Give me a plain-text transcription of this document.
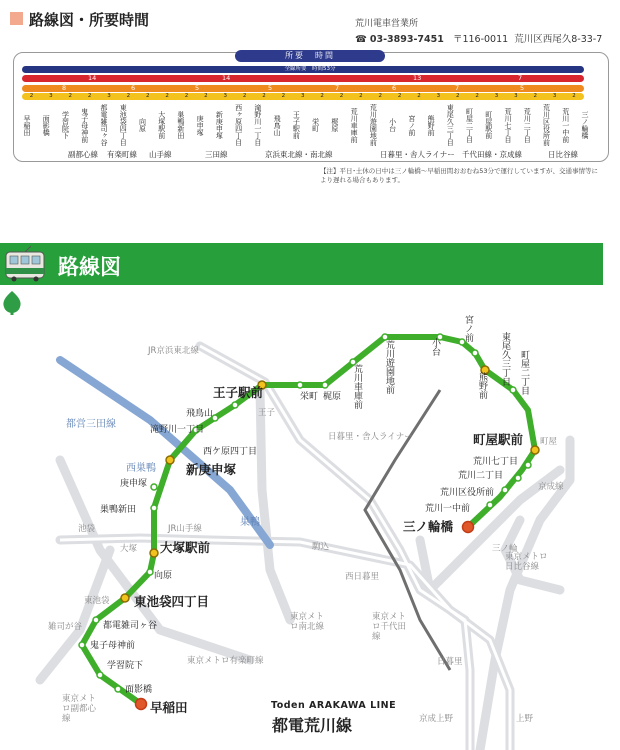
路線図・所要時間	荒川電車営業所
☎ 03-3893-7451 〒116-0011 荒川区西尾久8-33-7
所要　時間
全線所要　時間53分
14	14	13	7
8	6	5	5	7	6	7	5
2	3	2	2	3	2	2	2	2	2	3	2	2	2	3	2	2	2	2	2	2	3	2	2	3	3	2	3	2
早稲田	面影橋	学習院下	鬼子母神前	都電雑司ヶ谷	東池袋四丁目	向原	大塚駅前	巣鴨新田	庚申塚	新庚申塚	西ヶ原四丁目	滝野川一丁目	飛鳥山	王子駅前	栄町	梶原	荒川車庫前	荒川遊園地前	小台	宮ノ前	熊野前	東尾久三丁目	町屋二丁目	町屋駅前	荒川七丁目	荒川二丁目	荒川区役所前	荒川一中前	三ノ輪橋
副都心線 有楽町線 山手線	三田線	京浜東北線・ 南北線	日暮里・舎人ライナー 千代田線・京成線	日比谷線
【注】平日･土休の日中は三ノ輪橋〜早稲田間おおむね53分で運行していますが、交通事情等により遅れる場合もあります。
路線図
JR京浜東北線
都営三田線
JR山手線
日暮里・舎人ライナー
京成線
東京メトロ日比谷線
東京メトロ南北線
東京メトロ千代田線
東京メトロ有楽町線
東京メトロ副都心線
王子
西巣鴨
巣鴨
池袋
大塚	駒込
西日暮里
東池袋
雑司が谷
日暮里
町屋
三ノ輪
京成上野	上野
早稲田
面影橋
学習院下
鬼子母神前
都電雑司ヶ谷
東池袋四丁目
向原
大塚駅前
巣鴨新田
庚申塚
新庚申塚
西ケ原四丁目
滝野川一丁目
飛鳥山
王子駅前	栄町 梶原 荒川車庫前 荒川遊園地前	小台
宮ノ前
熊野前 東尾久三丁目 町屋二丁目
町屋駅前
荒川七丁目
荒川二丁目
荒川区役所前
荒川一中前
三ノ輪橋
Toden ARAKAWA LINE
都電荒川線
